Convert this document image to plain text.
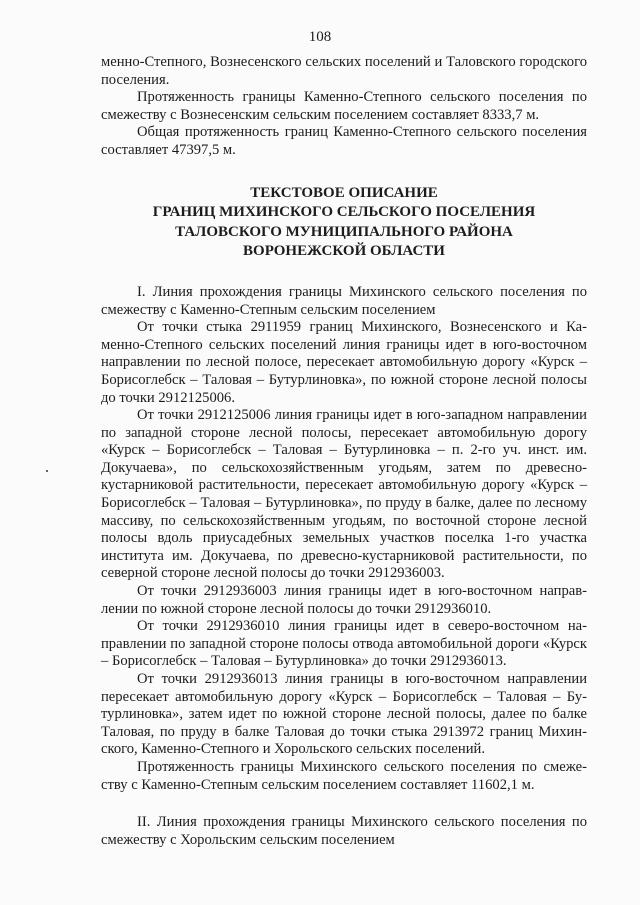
108

менно-Степного, Вознесенского сельских поселений и Таловского городского поселения.

Протяженность границы Каменно-Степного сельского поселения по смежеству с Вознесенским сельским поселением составляет 8333,7 м.

Общая протяженность границ Каменно-Степного сельского поселения составляет 47397,5 м.

ТЕКСТОВОЕ ОПИСАНИЕ
ГРАНИЦ МИХИНСКОГО СЕЛЬСКОГО ПОСЕЛЕНИЯ
ТАЛОВСКОГО МУНИЦИПАЛЬНОГО РАЙОНА
ВОРОНЕЖСКОЙ ОБЛАСТИ

I. Линия прохождения границы Михинского сельского поселения по смежеству с Каменно-Степным сельским поселением

От точки стыка 2911959 границ Михинского, Вознесенского и Каменно-Степного сельских поселений линия границы идет в юго-восточном направлении по лесной полосе, пересекает автомобильную дорогу «Курск – Борисоглебск – Таловая – Бутурлиновка», по южной стороне лесной полосы до точки 2912125006.

От точки 2912125006 линия границы идет в юго-западном направлении по западной стороне лесной полосы, пересекает автомобильную дорогу «Курск – Борисоглебск – Таловая – Бутурлиновка – п. 2-го уч. инст. им. Докучаева», по сельскохозяйственным угодьям, затем по древесно-кустарниковой растительности, пересекает автомобильную дорогу «Курск – Борисоглебск – Таловая – Бутурлиновка», по пруду в балке, далее по лесному массиву, по сельскохозяйственным угодьям, по восточной стороне лесной полосы вдоль приусадебных земельных участков поселка 1-го участка института им. Докучаева, по древесно-кустарниковой растительности, по северной стороне лесной полосы до точки 2912936003.

От точки 2912936003 линия границы идет в юго-восточном направлении по южной стороне лесной полосы до точки 2912936010.

От точки 2912936010 линия границы идет в северо-восточном направлении по западной стороне полосы отвода автомобильной дороги «Курск – Борисоглебск – Таловая – Бутурлиновка» до точки 2912936013.

От точки 2912936013 линия границы в юго-восточном направлении пересекает автомобильную дорогу «Курск – Борисоглебск – Таловая – Бутурлиновка», затем идет по южной стороне лесной полосы, далее по балке Таловая, по пруду в балке Таловая до точки стыка 2913972 границ Михинского, Каменно-Степного и Хорольского сельских поселений.

Протяженность границы Михинского сельского поселения по смежеству с Каменно-Степным сельским поселением составляет 11602,1 м.

II. Линия прохождения границы Михинского сельского поселения по смежеству с Хорольским сельским поселением
